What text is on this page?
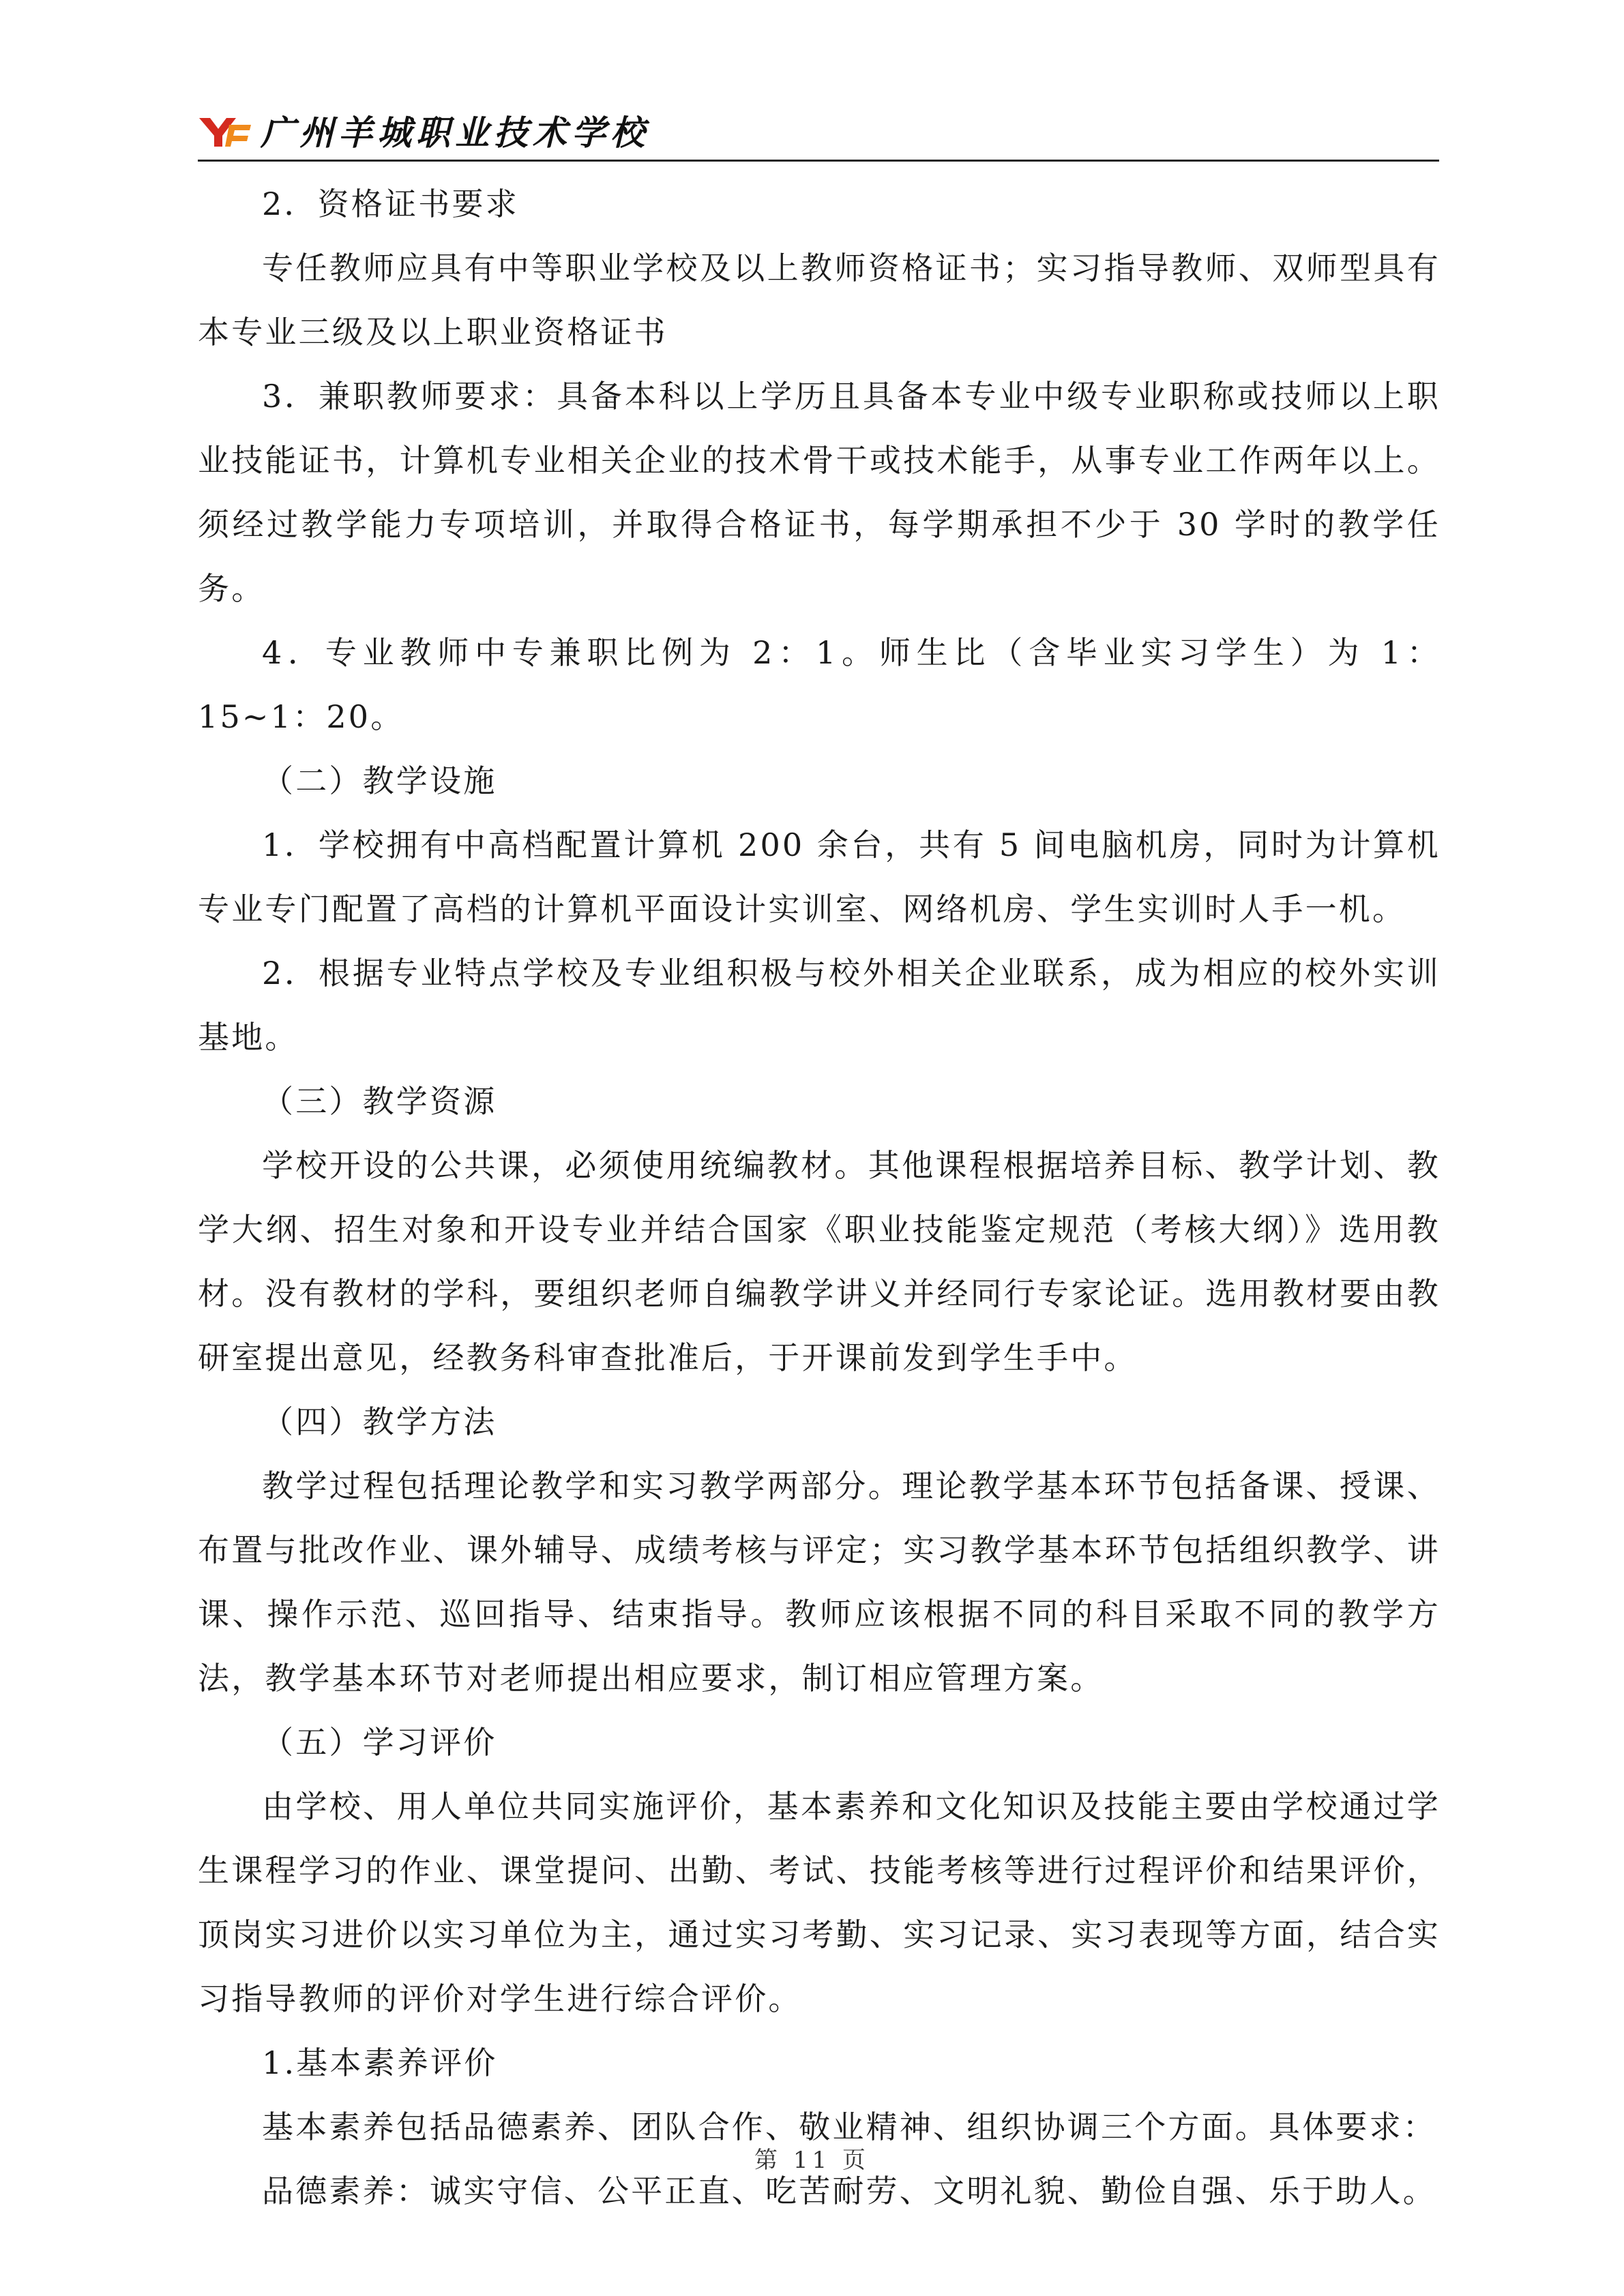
广州羊城职业技术学校

2．资格证书要求

专任教师应具有中等职业学校及以上教师资格证书；实习指导教师、双师型具有本专业三级及以上职业资格证书

3．兼职教师要求：具备本科以上学历且具备本专业中级专业职称或技师以上职业技能证书，计算机专业相关企业的技术骨干或技术能手，从事专业工作两年以上。须经过教学能力专项培训，并取得合格证书，每学期承担不少于 30 学时的教学任务。

4．专业教师中专兼职比例为 2：1。师生比（含毕业实习学生）为 1：15~1：20。

（二）教学设施

1．学校拥有中高档配置计算机 200 余台，共有 5 间电脑机房，同时为计算机专业专门配置了高档的计算机平面设计实训室、网络机房、学生实训时人手一机。

2．根据专业特点学校及专业组积极与校外相关企业联系，成为相应的校外实训基地。

（三）教学资源

学校开设的公共课，必须使用统编教材。其他课程根据培养目标、教学计划、教学大纲、招生对象和开设专业并结合国家《职业技能鉴定规范（考核大纲）》选用教材。没有教材的学科，要组织老师自编教学讲义并经同行专家论证。选用教材要由教研室提出意见，经教务科审查批准后，于开课前发到学生手中。

（四）教学方法

教学过程包括理论教学和实习教学两部分。理论教学基本环节包括备课、授课、布置与批改作业、课外辅导、成绩考核与评定；实习教学基本环节包括组织教学、讲课、操作示范、巡回指导、结束指导。教师应该根据不同的科目采取不同的教学方法，教学基本环节对老师提出相应要求，制订相应管理方案。

（五）学习评价

由学校、用人单位共同实施评价，基本素养和文化知识及技能主要由学校通过学生课程学习的作业、课堂提问、出勤、考试、技能考核等进行过程评价和结果评价，顶岗实习进价以实习单位为主，通过实习考勤、实习记录、实习表现等方面，结合实习指导教师的评价对学生进行综合评价。

1.基本素养评价

基本素养包括品德素养、团队合作、敬业精神、组织协调三个方面。具体要求：

品德素养：诚实守信、公平正直、吃苦耐劳、文明礼貌、勤俭自强、乐于助人。

第 11 页
